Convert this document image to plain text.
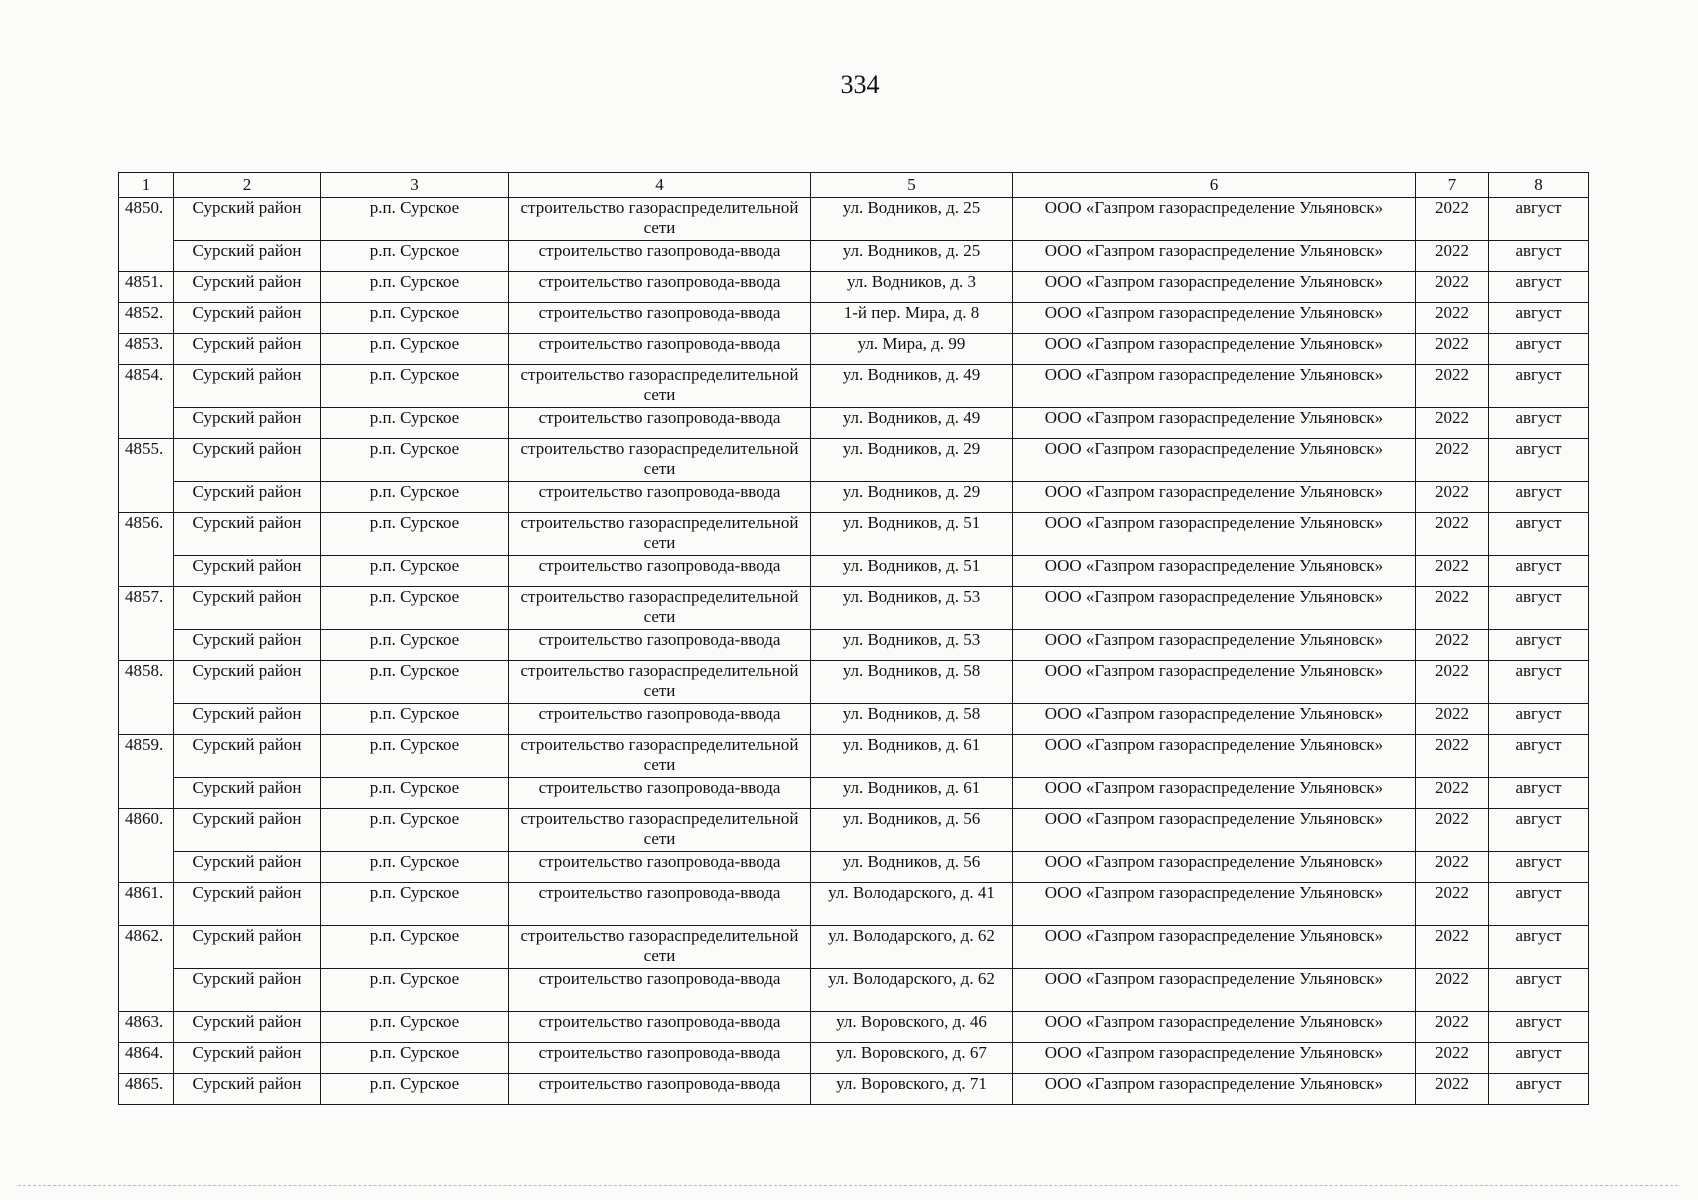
334
1	2	3	4	5	6	7	8
4850.	Сурский район	р.п. Сурское	строительство газораспределительной сети	ул. Водников, д. 25	ООО «Газпром газораспределение Ульяновск»	2022	август
	Сурский район	р.п. Сурское	строительство газопровода-ввода	ул. Водников, д. 25	ООО «Газпром газораспределение Ульяновск»	2022	август
4851.	Сурский район	р.п. Сурское	строительство газопровода-ввода	ул. Водников, д. 3	ООО «Газпром газораспределение Ульяновск»	2022	август
4852.	Сурский район	р.п. Сурское	строительство газопровода-ввода	1-й пер. Мира, д. 8	ООО «Газпром газораспределение Ульяновск»	2022	август
4853.	Сурский район	р.п. Сурское	строительство газопровода-ввода	ул. Мира, д. 99	ООО «Газпром газораспределение Ульяновск»	2022	август
4854.	Сурский район	р.п. Сурское	строительство газораспределительной сети	ул. Водников, д. 49	ООО «Газпром газораспределение Ульяновск»	2022	август
	Сурский район	р.п. Сурское	строительство газопровода-ввода	ул. Водников, д. 49	ООО «Газпром газораспределение Ульяновск»	2022	август
4855.	Сурский район	р.п. Сурское	строительство газораспределительной сети	ул. Водников, д. 29	ООО «Газпром газораспределение Ульяновск»	2022	август
	Сурский район	р.п. Сурское	строительство газопровода-ввода	ул. Водников, д. 29	ООО «Газпром газораспределение Ульяновск»	2022	август
4856.	Сурский район	р.п. Сурское	строительство газораспределительной сети	ул. Водников, д. 51	ООО «Газпром газораспределение Ульяновск»	2022	август
	Сурский район	р.п. Сурское	строительство газопровода-ввода	ул. Водников, д. 51	ООО «Газпром газораспределение Ульяновск»	2022	август
4857.	Сурский район	р.п. Сурское	строительство газораспределительной сети	ул. Водников, д. 53	ООО «Газпром газораспределение Ульяновск»	2022	август
	Сурский район	р.п. Сурское	строительство газопровода-ввода	ул. Водников, д. 53	ООО «Газпром газораспределение Ульяновск»	2022	август
4858.	Сурский район	р.п. Сурское	строительство газораспределительной сети	ул. Водников, д. 58	ООО «Газпром газораспределение Ульяновск»	2022	август
	Сурский район	р.п. Сурское	строительство газопровода-ввода	ул. Водников, д. 58	ООО «Газпром газораспределение Ульяновск»	2022	август
4859.	Сурский район	р.п. Сурское	строительство газораспределительной сети	ул. Водников, д. 61	ООО «Газпром газораспределение Ульяновск»	2022	август
	Сурский район	р.п. Сурское	строительство газопровода-ввода	ул. Водников, д. 61	ООО «Газпром газораспределение Ульяновск»	2022	август
4860.	Сурский район	р.п. Сурское	строительство газораспределительной сети	ул. Водников, д. 56	ООО «Газпром газораспределение Ульяновск»	2022	август
	Сурский район	р.п. Сурское	строительство газопровода-ввода	ул. Водников, д. 56	ООО «Газпром газораспределение Ульяновск»	2022	август
4861.	Сурский район	р.п. Сурское	строительство газопровода-ввода	ул. Володарского, д. 41	ООО «Газпром газораспределение Ульяновск»	2022	август
4862.	Сурский район	р.п. Сурское	строительство газораспределительной сети	ул. Володарского, д. 62	ООО «Газпром газораспределение Ульяновск»	2022	август
	Сурский район	р.п. Сурское	строительство газопровода-ввода	ул. Володарского, д. 62	ООО «Газпром газораспределение Ульяновск»	2022	август
4863.	Сурский район	р.п. Сурское	строительство газопровода-ввода	ул. Воровского, д. 46	ООО «Газпром газораспределение Ульяновск»	2022	август
4864.	Сурский район	р.п. Сурское	строительство газопровода-ввода	ул. Воровского, д. 67	ООО «Газпром газораспределение Ульяновск»	2022	август
4865.	Сурский район	р.п. Сурское	строительство газопровода-ввода	ул. Воровского, д. 71	ООО «Газпром газораспределение Ульяновск»	2022	август
